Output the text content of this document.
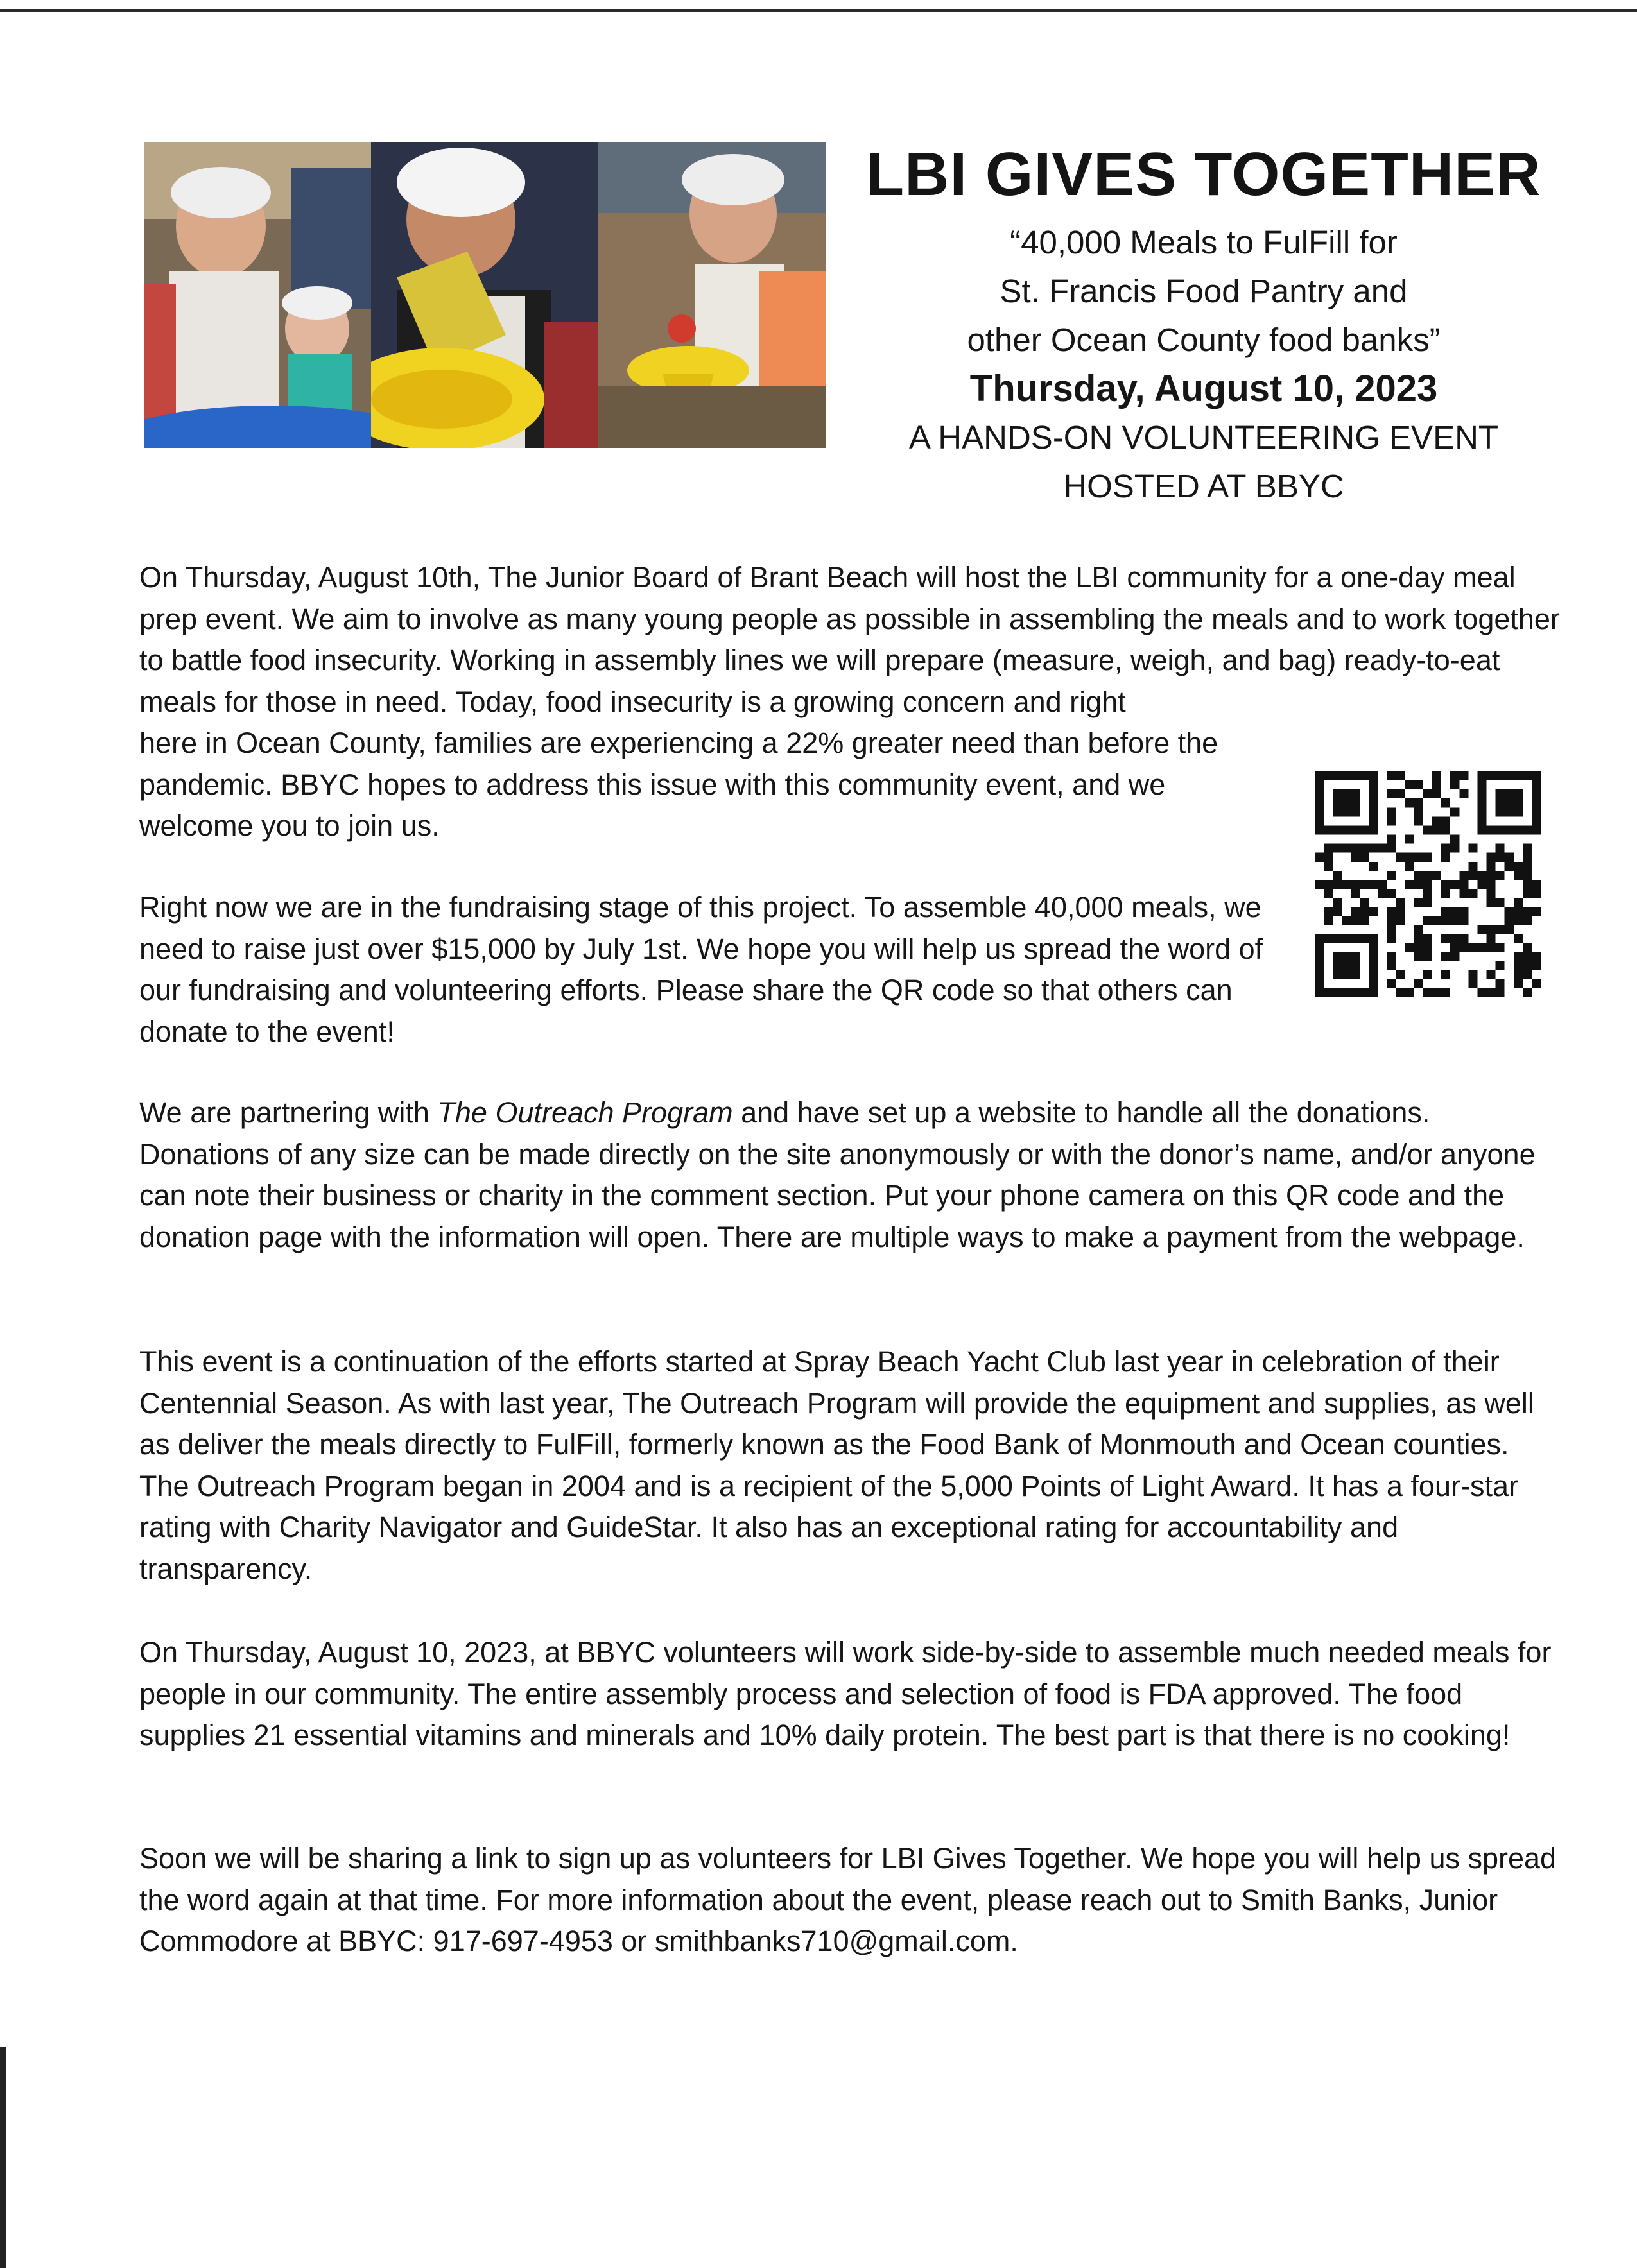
LBI GIVES TOGETHER

“40,000 Meals to FulFill for

St. Francis Food Pantry and

other Ocean County food banks”

Thursday, August 10, 2023

A HANDS-ON VOLUNTEERING EVENT

HOSTED AT BBYC

On Thursday, August 10th, The Junior Board of Brant Beach will host the LBI community for a one-day meal prep event. We aim to involve as many young people as possible in assembling the meals and to work together to battle food insecurity. Working in assembly lines we will prepare (measure, weigh, and bag) ready-to-eat meals for those in need. Today, food insecurity is a growing concern and right

here in Ocean County, families are experiencing a 22% greater need than before the pandemic. BBYC hopes to address this issue with this community event, and we welcome you to join us.

Right now we are in the fundraising stage of this project. To assemble 40,000 meals, we need to raise just over $15,000 by July 1st. We hope you will help us spread the word of our fundraising and volunteering efforts. Please share the QR code so that others can donate to the event!

We are partnering with The Outreach Program and have set up a website to handle all the donations. Donations of any size can be made directly on the site anonymously or with the donor’s name, and/or anyone can note their business or charity in the comment section. Put your phone camera on this QR code and the donation page with the information will open. There are multiple ways to make a payment from the webpage.

This event is a continuation of the efforts started at Spray Beach Yacht Club last year in celebration of their Centennial Season. As with last year, The Outreach Program will provide the equipment and supplies, as well as deliver the meals directly to FulFill, formerly known as the Food Bank of Monmouth and Ocean counties. The Outreach Program began in 2004 and is a recipient of the 5,000 Points of Light Award. It has a four-star rating with Charity Navigator and GuideStar. It also has an exceptional rating for accountability and transparency.

On Thursday, August 10, 2023, at BBYC volunteers will work side-by-side to assemble much needed meals for people in our community. The entire assembly process and selection of food is FDA approved. The food supplies 21 essential vitamins and minerals and 10% daily protein. The best part is that there is no cooking!

Soon we will be sharing a link to sign up as volunteers for LBI Gives Together. We hope you will help us spread the word again at that time. For more information about the event, please reach out to Smith Banks, Junior Commodore at BBYC: 917-697-4953 or smithbanks710@gmail.com.
